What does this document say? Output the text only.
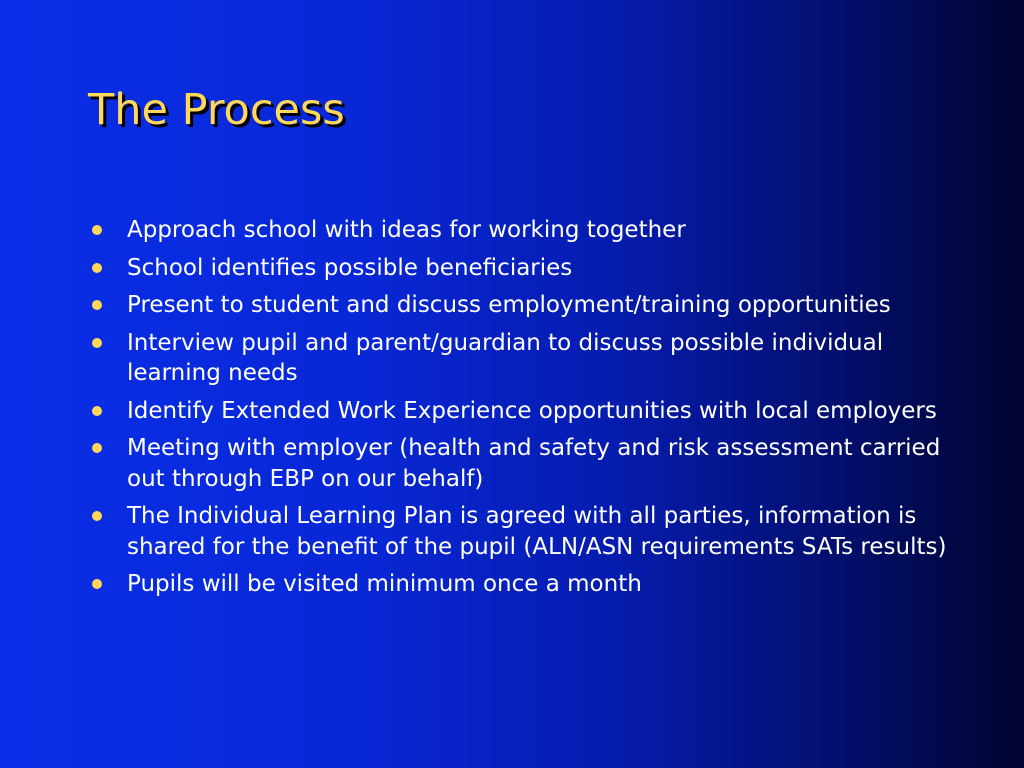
The Process
Approach school with ideas for working together
School identifies possible beneficiaries
Present to student and discuss employment/training opportunities
Interview pupil and parent/guardian to discuss possible individual learning needs
Identify Extended Work Experience opportunities with local employers
Meeting with employer (health and safety and risk assessment carried out through EBP on our behalf)
The Individual Learning Plan is agreed with all parties, information is shared for the benefit of the pupil (ALN/ASN requirements SATs results)
Pupils will be visited minimum once a month
